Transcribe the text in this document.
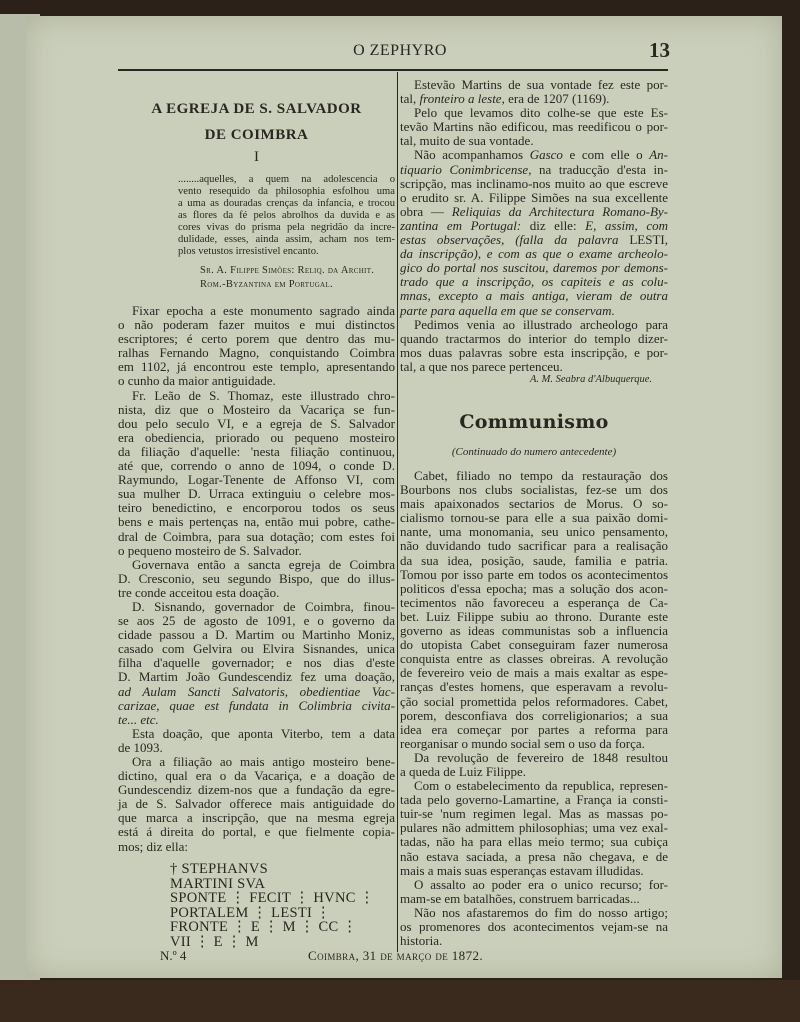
O ZEPHYRO	13
A EGREJA DE S. SALVADOR
DE COIMBRA
I
........aquelles, a quem na adolescencia o
vento resequido da philosophia esfolhou uma
a uma as douradas crenças da infancia, e trocou
as flores da fé pelos abrolhos da duvida e as
cores vivas do prisma pela negridão da incre-
dulidade, esses, ainda assim, acham nos tem-
plos vetustos irresistivel encanto.
Sr. A. Filippe Simões: Reliq. da Archit.
Rom.-Byzantina em Portugal.
Fixar epocha a este monumento sagrado ainda
o não poderam fazer muitos e mui distinctos
escriptores; é certo porem que dentro das mu-
ralhas Fernando Magno, conquistando Coimbra
em 1102, já encontrou este templo, apresentando
o cunho da maior antiguidade.
Fr. Leão de S. Thomaz, este illustrado chro-
nista, diz que o Mosteiro da Vacariça se fun-
dou pelo seculo VI, e a egreja de S. Salvador
era obediencia, priorado ou pequeno mosteiro
da filiação d'aquelle: 'nesta filiação continuou,
até que, correndo o anno de 1094, o conde D.
Raymundo, Logar-Tenente de Affonso VI, com
sua mulher D. Urraca extinguiu o celebre mos-
teiro benedictino, e encorporou todos os seus
bens e mais pertenças na, então mui pobre, cathe-
dral de Coimbra, para sua dotação; com estes foi
o pequeno mosteiro de S. Salvador.
Governava então a sancta egreja de Coimbra
D. Cresconio, seu segundo Bispo, que do illus-
tre conde acceitou esta doação.
D. Sisnando, governador de Coimbra, finou-
se aos 25 de agosto de 1091, e o governo da
cidade passou a D. Martim ou Martinho Moniz,
casado com Gelvira ou Elvira Sisnandes, unica
filha d'aquelle governador; e nos dias d'este
D. Martim João Gundescendiz fez uma doação,
ad Aulam Sancti Salvatoris, obedientiae Vac-
carizae, quae est fundata in Colimbria civita-
te... etc.
Esta doação, que aponta Viterbo, tem a data
de 1093.
Ora a filiação ao mais antigo mosteiro bene-
dictino, qual era o da Vacariça, e a doação de
Gundescendiz dizem-nos que a fundação da egre-
ja de S. Salvador offerece mais antiguidade do
que marca a inscripção, que na mesma egreja
está á direita do portal, e que fielmente copia-
mos; diz ella:
† STEPHANVS
MARTINI SVA
SPONTE ⋮ FECIT ⋮ HVNC ⋮
PORTALEM ⋮ LESTI ⋮
FRONTE ⋮ E ⋮ M ⋮ CC ⋮
VII ⋮ E ⋮ M
Estevão Martins de sua vontade fez este por-
tal, fronteiro a leste, era de 1207 (1169).
Pelo que levamos dito colhe-se que este Es-
tevão Martins não edificou, mas reedificou o por-
tal, muito de sua vontade.
Não acompanhamos Gasco e com elle o An-
tiquario Conimbricense, na traducção d'esta in-
scripção, mas inclinamo-nos muito ao que escreve
o erudito sr. A. Filippe Simões na sua excellente
obra — Reliquias da Architectura Romano-By-
zantina em Portugal: diz elle: E, assim, com
estas observações, (falla da palavra LESTI,
da inscripção), e com as que o exame archeolo-
gico do portal nos suscitou, daremos por demons-
trado que a inscripção, os capiteis e as colu-
mnas, excepto a mais antiga, vieram de outra
parte para aquella em que se conservam.
Pedimos venia ao illustrado archeologo para
quando tractarmos do interior do templo dizer-
mos duas palavras sobre esta inscripção, e por-
tal, a que nos parece pertenceu.
A. M. Seabra d'Albuquerque.
Communismo
(Continuado do numero antecedente)
Cabet, filiado no tempo da restauração dos
Bourbons nos clubs socialistas, fez-se um dos
mais apaixonados sectarios de Morus. O so-
cialismo tornou-se para elle a sua paixão domi-
nante, uma monomania, seu unico pensamento,
não duvidando tudo sacrificar para a realisação
da sua idea, posição, saude, familia e patria.
Tomou por isso parte em todos os acontecimentos
politicos d'essa epocha; mas a solução dos acon-
tecimentos não favoreceu a esperança de Ca-
bet. Luiz Filippe subiu ao throno. Durante este
governo as ideas communistas sob a influencia
do utopista Cabet conseguiram fazer numerosa
conquista entre as classes obreiras. A revolução
de fevereiro veio de mais a mais exaltar as espe-
ranças d'estes homens, que esperavam a revolu-
ção social promettida pelos reformadores. Cabet,
porem, desconfiava dos correligionarios; a sua
idea era começar por partes a reforma para
reorganisar o mundo social sem o uso da força.
Da revolução de fevereiro de 1848 resultou
a queda de Luiz Filippe.
Com o estabelecimento da republica, represen-
tada pelo governo-Lamartine, a França ia consti-
tuir-se 'num regimen legal. Mas as massas po-
pulares não admittem philosophias; uma vez exal-
tadas, não ha para ellas meio termo; sua cubiça
não estava saciada, a presa não chegava, e de
mais a mais suas esperanças estavam illudidas.
O assalto ao poder era o unico recurso; for-
mam-se em batalhões, construem barricadas...
Não nos afastaremos do fim do nosso artigo;
os promenores dos acontecimentos vejam-se na
historia.
N.º 4	Coimbra, 31 de março de 1872.
